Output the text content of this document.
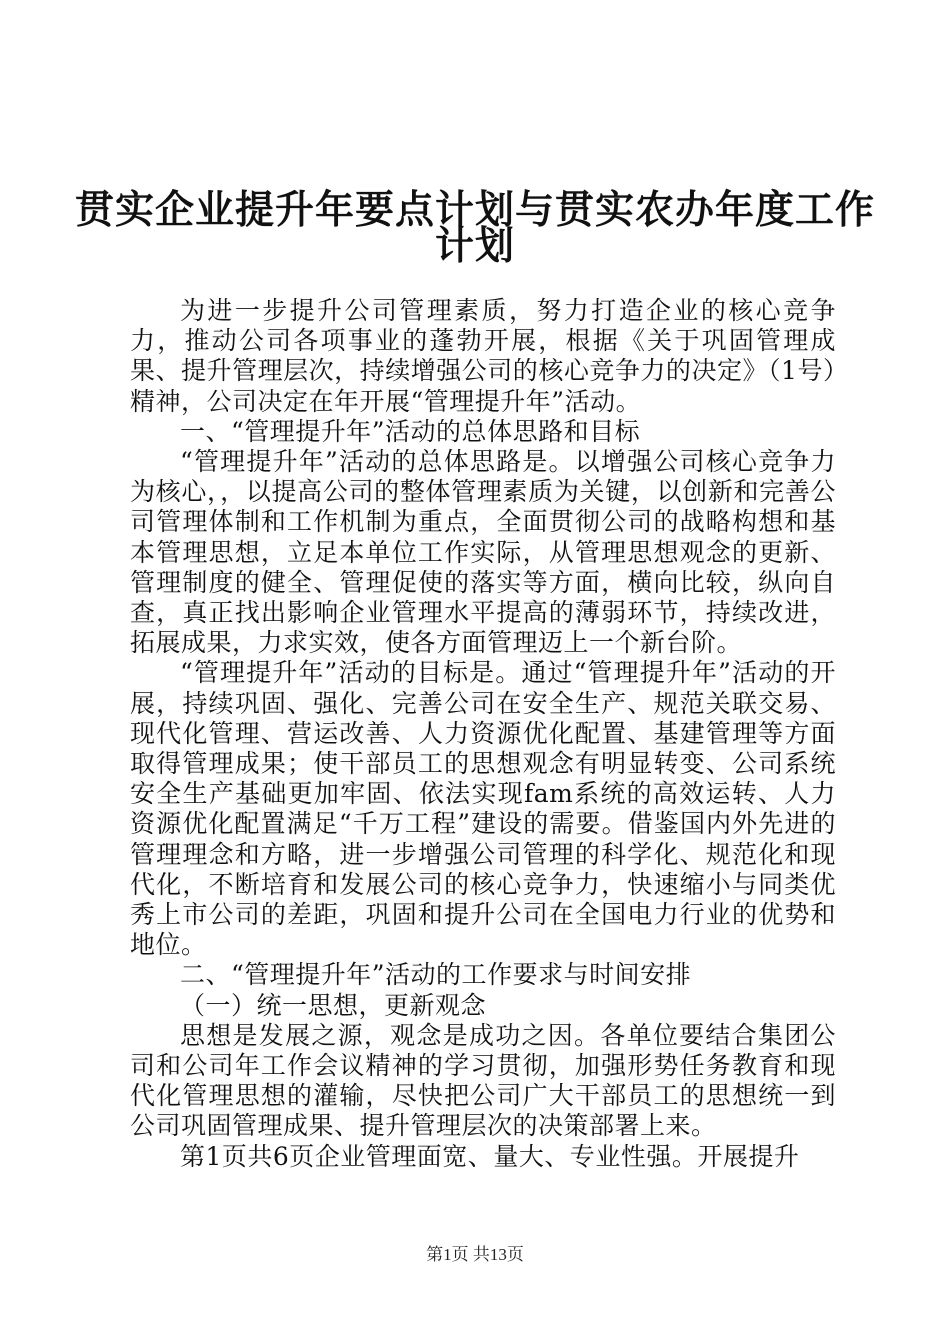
贯实企业提升年要点计划与贯实农办年度工作
计划

为进一步提升公司管理素质，努力打造企业的核心竞争力，推动公司各项事业的蓬勃开展，根据《关于巩固管理成果、提升管理层次，持续增强公司的核心竞争力的决定》（1号）精神，公司决定在年开展“管理提升年”活动。

一、“管理提升年”活动的总体思路和目标

“管理提升年”活动的总体思路是。以增强公司核心竞争力为核心，，以提高公司的整体管理素质为关键，以创新和完善公司管理体制和工作机制为重点，全面贯彻公司的战略构想和基本管理思想，立足本单位工作实际，从管理思想观念的更新、管理制度的健全、管理促使的落实等方面，横向比较，纵向自查，真正找出影响企业管理水平提高的薄弱环节，持续改进，拓展成果，力求实效，使各方面管理迈上一个新台阶。

“管理提升年”活动的目标是。通过“管理提升年”活动的开展，持续巩固、强化、完善公司在安全生产、规范关联交易、现代化管理、营运改善、人力资源优化配置、基建管理等方面取得管理成果；使干部员工的思想观念有明显转变、公司系统安全生产基础更加牢固、依法实现fam系统的高效运转、人力资源优化配置满足“千万工程”建设的需要。借鉴国内外先进的管理理念和方略，进一步增强公司管理的科学化、规范化和现代化，不断培育和发展公司的核心竞争力，快速缩小与同类优秀上市公司的差距，巩固和提升公司在全国电力行业的优势和地位。

二、“管理提升年”活动的工作要求与时间安排

（一）统一思想，更新观念

思想是发展之源，观念是成功之因。各单位要结合集团公司和公司年工作会议精神的学习贯彻，加强形势任务教育和现代化管理思想的灌输，尽快把公司广大干部员工的思想统一到公司巩固管理成果、提升管理层次的决策部署上来。

第1页共6页企业管理面宽、量大、专业性强。开展提升

第1页 共13页
